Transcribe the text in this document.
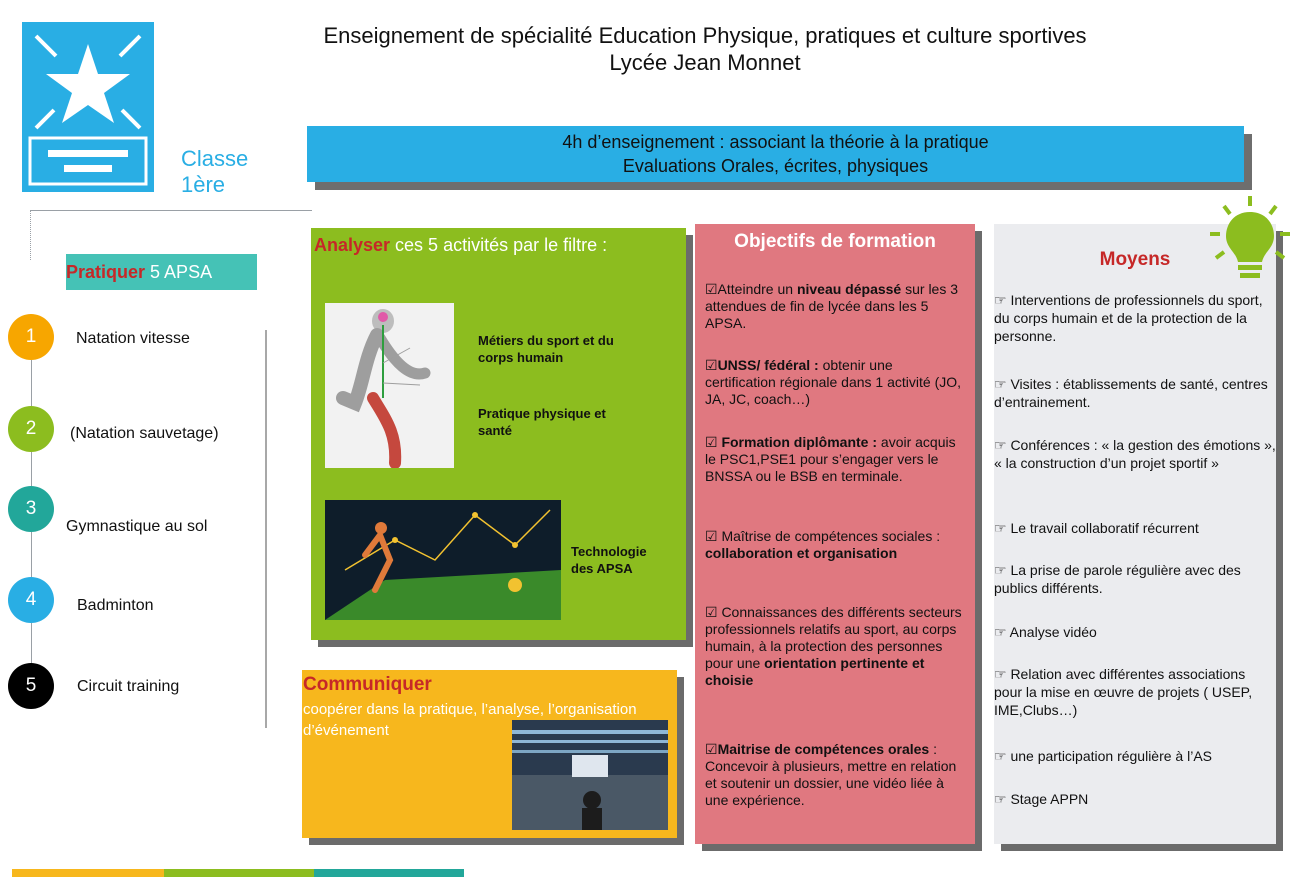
Enseignement de spécialité Education Physique, pratiques et culture sportives
Lycée Jean Monnet
Classe
1ère
Pratiquer 5 APSA
1	Natation vitesse
2	(Natation sauvetage)
3
Gymnastique au sol
4	Badminton
5	Circuit training
4h d’enseignement : associant la théorie à la pratique
Evaluations Orales, écrites, physiques
Analyser ces 5 activités par le filtre :
Métiers du sport et du corps humain
Pratique physique et santé
Technologie des APSA
Communiquer
coopérer dans la pratique, l’analyse, l’organisation d’événement
Objectifs de formation
☑Atteindre un niveau dépassé sur les 3 attendues de fin de lycée dans les 5 APSA.
☑UNSS/ fédéral : obtenir une certification régionale dans 1 activité (JO, JA, JC, coach…)
☑ Formation diplômante : avoir acquis le PSC1,PSE1 pour s’engager vers le BNSSA ou le BSB en terminale.
☑ Maîtrise de compétences sociales : collaboration et organisation
☑ Connaissances des différents secteurs professionnels relatifs au sport, au corps humain, à la protection des personnes pour une orientation pertinente et choisie
☑Maitrise de compétences orales : Concevoir à plusieurs, mettre en relation et soutenir un dossier, une vidéo liée à une expérience.
Moyens
☞ Interventions de professionnels du sport, du corps humain et de la protection de la personne.
☞ Visites : établissements de santé, centres d’entrainement.
☞ Conférences : « la gestion des émotions », « la construction d’un projet sportif »
☞ Le travail collaboratif récurrent
☞ La prise de parole régulière avec des publics différents.
☞ Analyse vidéo
☞ Relation avec différentes associations pour la mise en œuvre de projets ( USEP, IME,Clubs…)
☞ une participation régulière à l’AS
☞ Stage APPN
